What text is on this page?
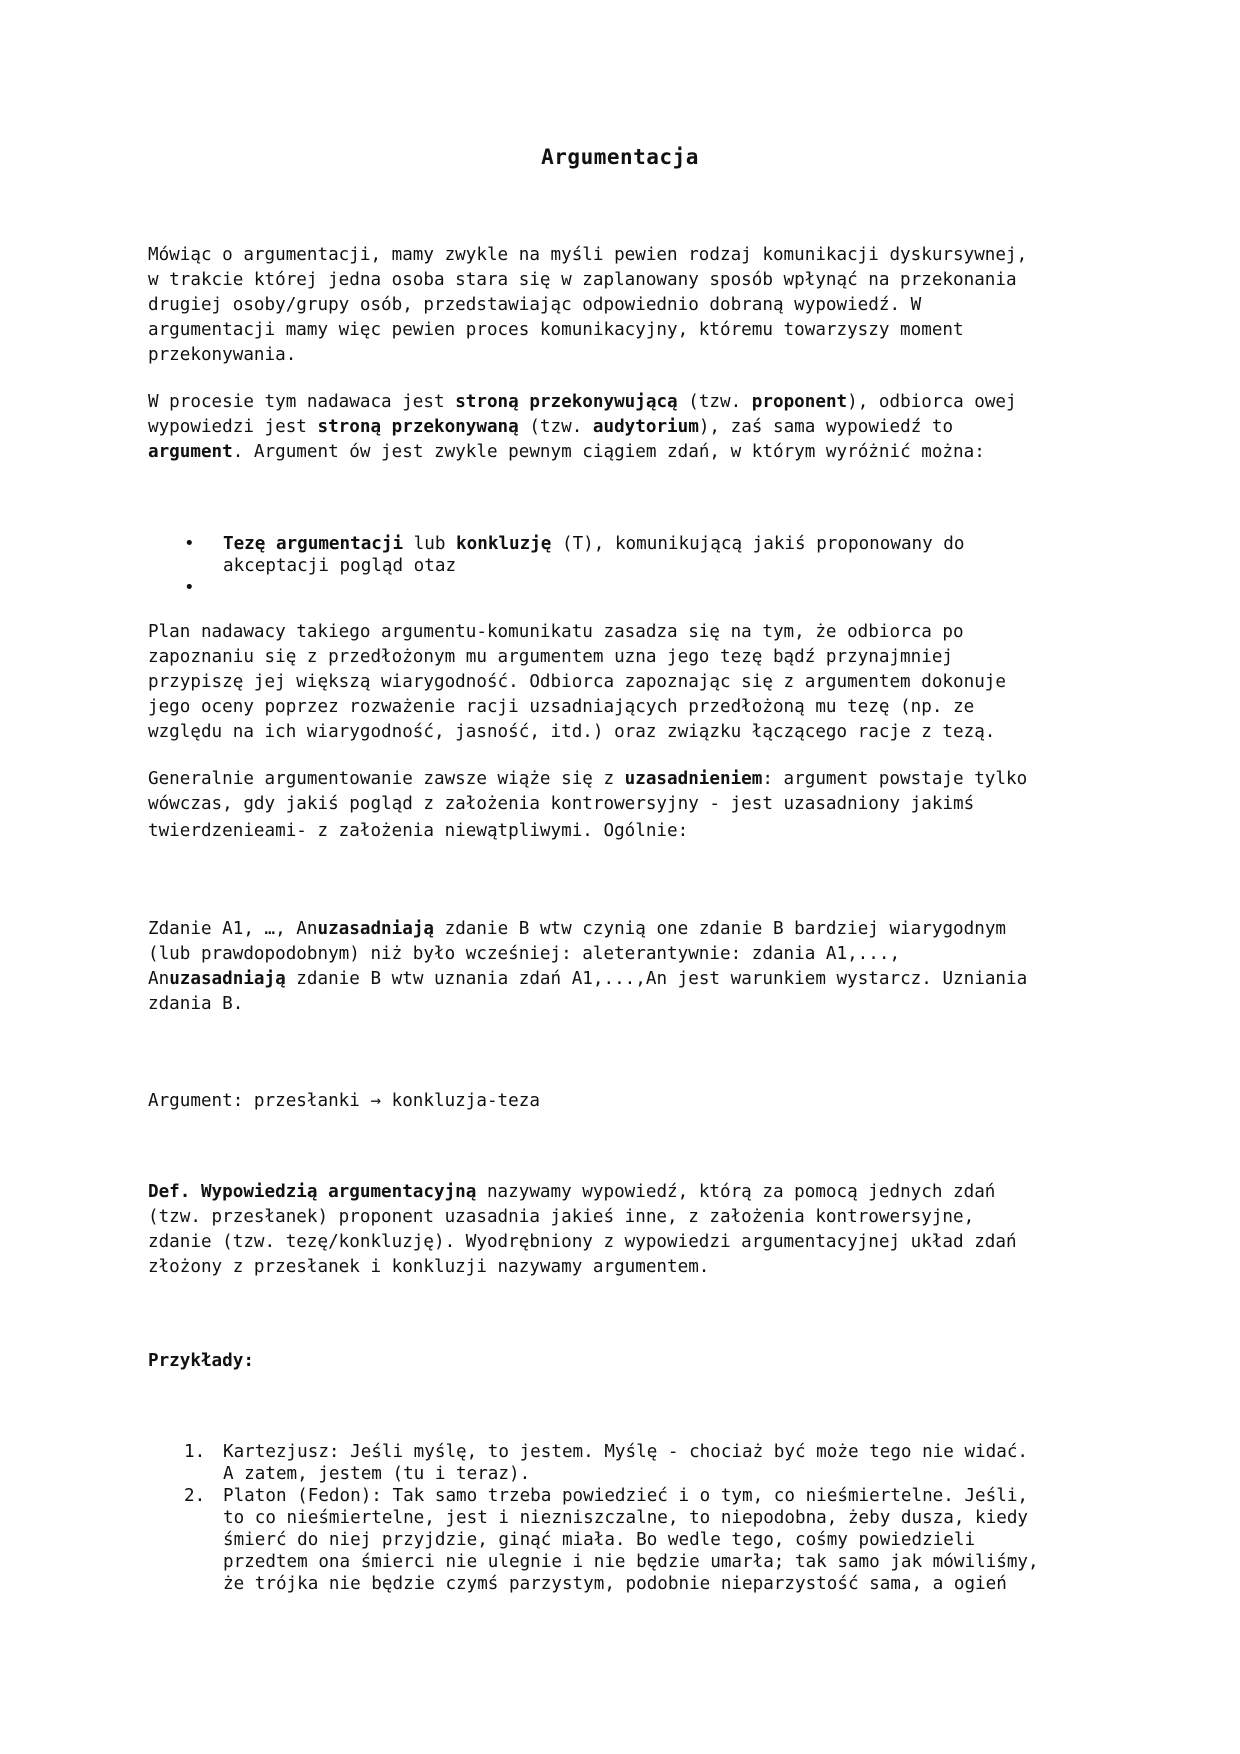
Argumentacja
Mówiąc o argumentacji, mamy zwykle na myśli pewien rodzaj komunikacji dyskursywnej,
w trakcie której jedna osoba stara się w zaplanowany sposób wpłynąć na przekonania
drugiej osoby/grupy osób, przedstawiając odpowiednio dobraną wypowiedź. W
argumentacji mamy więc pewien proces komunikacyjny, któremu towarzyszy moment
przekonywania.
W procesie tym nadawaca jest stroną przekonywującą (tzw. proponent), odbiorca owej
wypowiedzi jest stroną przekonywaną (tzw. audytorium), zaś sama wypowiedź to
argument. Argument ów jest zwykle pewnym ciągiem zdań, w którym wyróżnić można:
• Tezę argumentacji lub konkluzję (T), komunikującą jakiś proponowany do
akceptacji pogląd otaz
•

Plan nadawacy takiego argumentu-komunikatu zasadza się na tym, że odbiorca po
zapoznaniu się z przedłożonym mu argumentem uzna jego tezę bądź przynajmniej
przypiszę jej większą wiarygodność. Odbiorca zapoznając się z argumentem dokonuje
jego oceny poprzez rozważenie racji uzsadniających przedłożoną mu tezę (np. ze
względu na ich wiarygodność, jasność, itd.) oraz związku łączącego racje z tezą.
Generalnie argumentowanie zawsze wiąże się z uzasadnieniem: argument powstaje tylko
wówczas, gdy jakiś pogląd z założenia kontrowersyjny - jest uzasadniony jakimś
twierdzenieami- z założenia niewątpliwymi. Ogólnie:
Zdanie A1, …, Anuzasadniają zdanie B wtw czynią one zdanie B bardziej wiarygodnym
(lub prawdopodobnym) niż było wcześniej: aleterantywnie: zdania A1,...,
Anuzasadniają zdanie B wtw uznania zdań A1,...,An jest warunkiem wystarcz. Uzniania
zdania B.
Argument: przesłanki → konkluzja-teza
Def. Wypowiedzią argumentacyjną nazywamy wypowiedź, którą za pomocą jednych zdań
(tzw. przesłanek) proponent uzasadnia jakieś inne, z założenia kontrowersyjne,
zdanie (tzw. tezę/konkluzję). Wyodrębniony z wypowiedzi argumentacyjnej układ zdań
złożony z przesłanek i konkluzji nazywamy argumentem.
Przykłady:
1. Kartezjusz: Jeśli myślę, to jestem. Myślę - chociaż być może tego nie widać.
A zatem, jestem (tu i teraz).
2. Platon (Fedon): Tak samo trzeba powiedzieć i o tym, co nieśmiertelne. Jeśli,
to co nieśmiertelne, jest i niezniszczalne, to niepodobna, żeby dusza, kiedy
śmierć do niej przyjdzie, ginąć miała. Bo wedle tego, cośmy powiedzieli
przedtem ona śmierci nie ulegnie i nie będzie umarła; tak samo jak mówiliśmy,
że trójka nie będzie czymś parzystym, podobnie nieparzystość sama, a ogień
